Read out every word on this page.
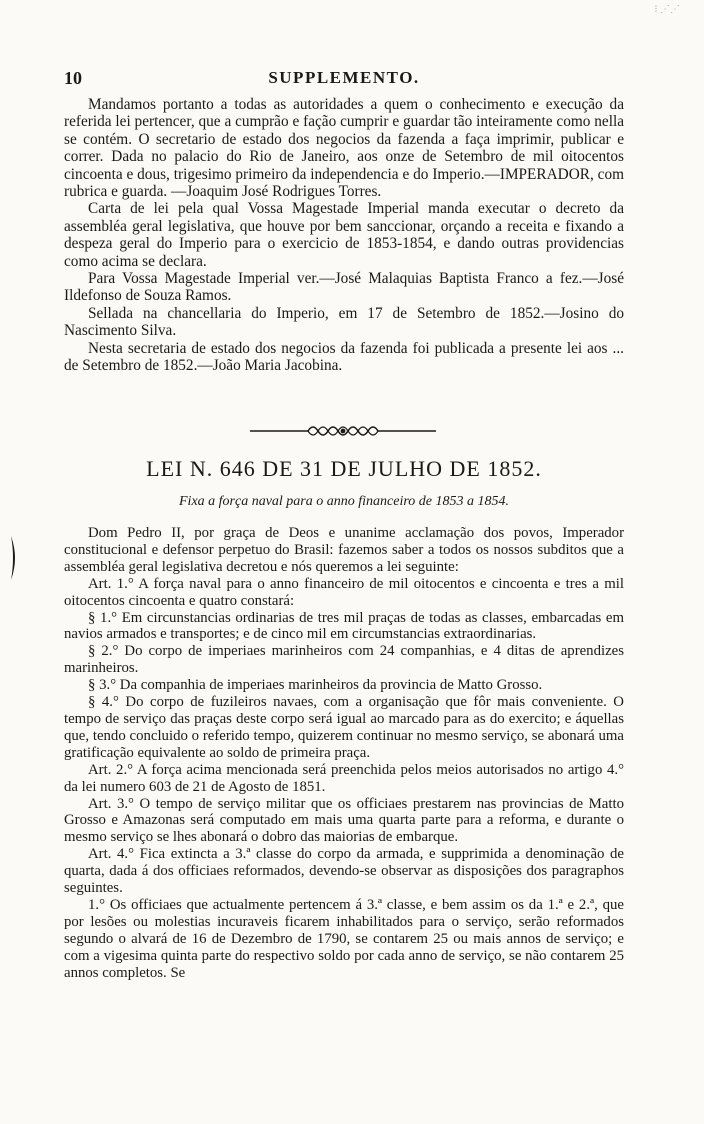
⁝ ⋰⋰
10	SUPPLEMENTO.

Mandamos portanto a todas as autoridades a quem o conhecimento e execução da referida lei pertencer, que a cumprão e fação cumprir e guardar tão inteiramente como nella se contém. O secretario de estado dos negocios da fazenda a faça imprimir, publicar e correr. Dada no palacio do Rio de Janeiro, aos onze de Setembro de mil oitocentos cincoenta e dous, trigesimo primeiro da independencia e do Imperio.—IMPERADOR, com rubrica e guarda. —Joaquim José Rodrigues Torres.

Carta de lei pela qual Vossa Magestade Imperial manda executar o decreto da assembléa geral legislativa, que houve por bem sanccionar, orçando a receita e fixando a despeza geral do Imperio para o exercicio de 1853-1854, e dando outras providencias como acima se declara.

Para Vossa Magestade Imperial ver.—José Malaquias Baptista Franco a fez.—José Ildefonso de Souza Ramos.

Sellada na chancellaria do Imperio, em 17 de Setembro de 1852.—Josino do Nascimento Silva.

Nesta secretaria de estado dos negocios da fazenda foi publicada a presente lei aos ... de Setembro de 1852.—João Maria Jacobina.

LEI N. 646 DE 31 DE JULHO DE 1852.
Fixa a força naval para o anno financeiro de 1853 a 1854.

Dom Pedro II, por graça de Deos e unanime acclamação dos povos, Imperador constitucional e defensor perpetuo do Brasil: fazemos saber a todos os nossos subditos que a assembléa geral legislativa decretou e nós queremos a lei seguinte:

Art. 1.° A força naval para o anno financeiro de mil oitocentos e cincoenta e tres a mil oitocentos cincoenta e quatro constará:

§ 1.° Em circunstancias ordinarias de tres mil praças de todas as classes, embarcadas em navios armados e transportes; e de cinco mil em circumstancias extraordinarias.

§ 2.° Do corpo de imperiaes marinheiros com 24 companhias, e 4 ditas de aprendizes marinheiros.

§ 3.° Da companhia de imperiaes marinheiros da provincia de Matto Grosso.

§ 4.° Do corpo de fuzileiros navaes, com a organisação que fôr mais conveniente. O tempo de serviço das praças deste corpo será igual ao marcado para as do exercito; e áquellas que, tendo concluido o referido tempo, quizerem continuar no mesmo serviço, se abonará uma gratificação equivalente ao soldo de primeira praça.

Art. 2.° A força acima mencionada será preenchida pelos meios autorisados no artigo 4.° da lei numero 603 de 21 de Agosto de 1851.

Art. 3.° O tempo de serviço militar que os officiaes prestarem nas provincias de Matto Grosso e Amazonas será computado em mais uma quarta parte para a reforma, e durante o mesmo serviço se lhes abonará o dobro das maiorias de embarque.

Art. 4.° Fica extincta a 3.ª classe do corpo da armada, e supprimida a denominação de quarta, dada á dos officiaes reformados, devendo-se observar as disposições dos paragraphos seguintes.

1.° Os officiaes que actualmente pertencem á 3.ª classe, e bem assim os da 1.ª e 2.ª, que por lesões ou molestias incuraveis ficarem inhabilitados para o serviço, serão reformados segundo o alvará de 16 de Dezembro de 1790, se contarem 25 ou mais annos de serviço; e com a vigesima quinta parte do respectivo soldo por cada anno de serviço, se não contarem 25 annos completos. Se
